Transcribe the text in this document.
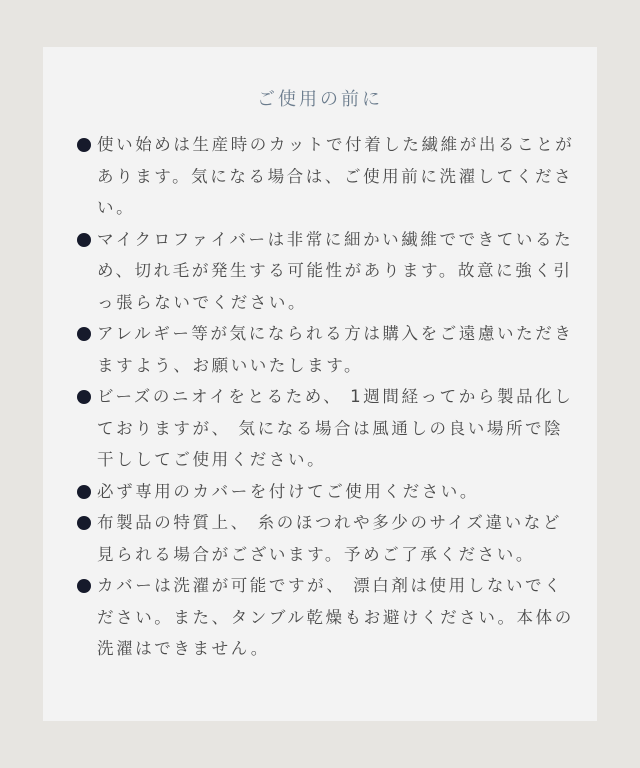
ご使用の前に
使い始めは生産時のカットで付着した繊維が出ることがあります。気になる場合は、ご使用前に洗濯してください。
マイクロファイバーは非常に細かい繊維でできているため、切れ毛が発生する可能性があります。故意に強く引っ張らないでください。
アレルギー等が気になられる方は購入をご遠慮いただきますよう、お願いいたします。
ビーズのニオイをとるため、 1週間経ってから製品化しておりますが、 気になる場合は風通しの良い場所で陰干ししてご使用ください。
必ず専用のカバーを付けてご使用ください。
布製品の特質上、 糸のほつれや多少のサイズ違いなど見られる場合がございます。予めご了承ください。
カバーは洗濯が可能ですが、 漂白剤は使用しないでください。また、タンブル乾燥もお避けください。本体の洗濯はできません。
